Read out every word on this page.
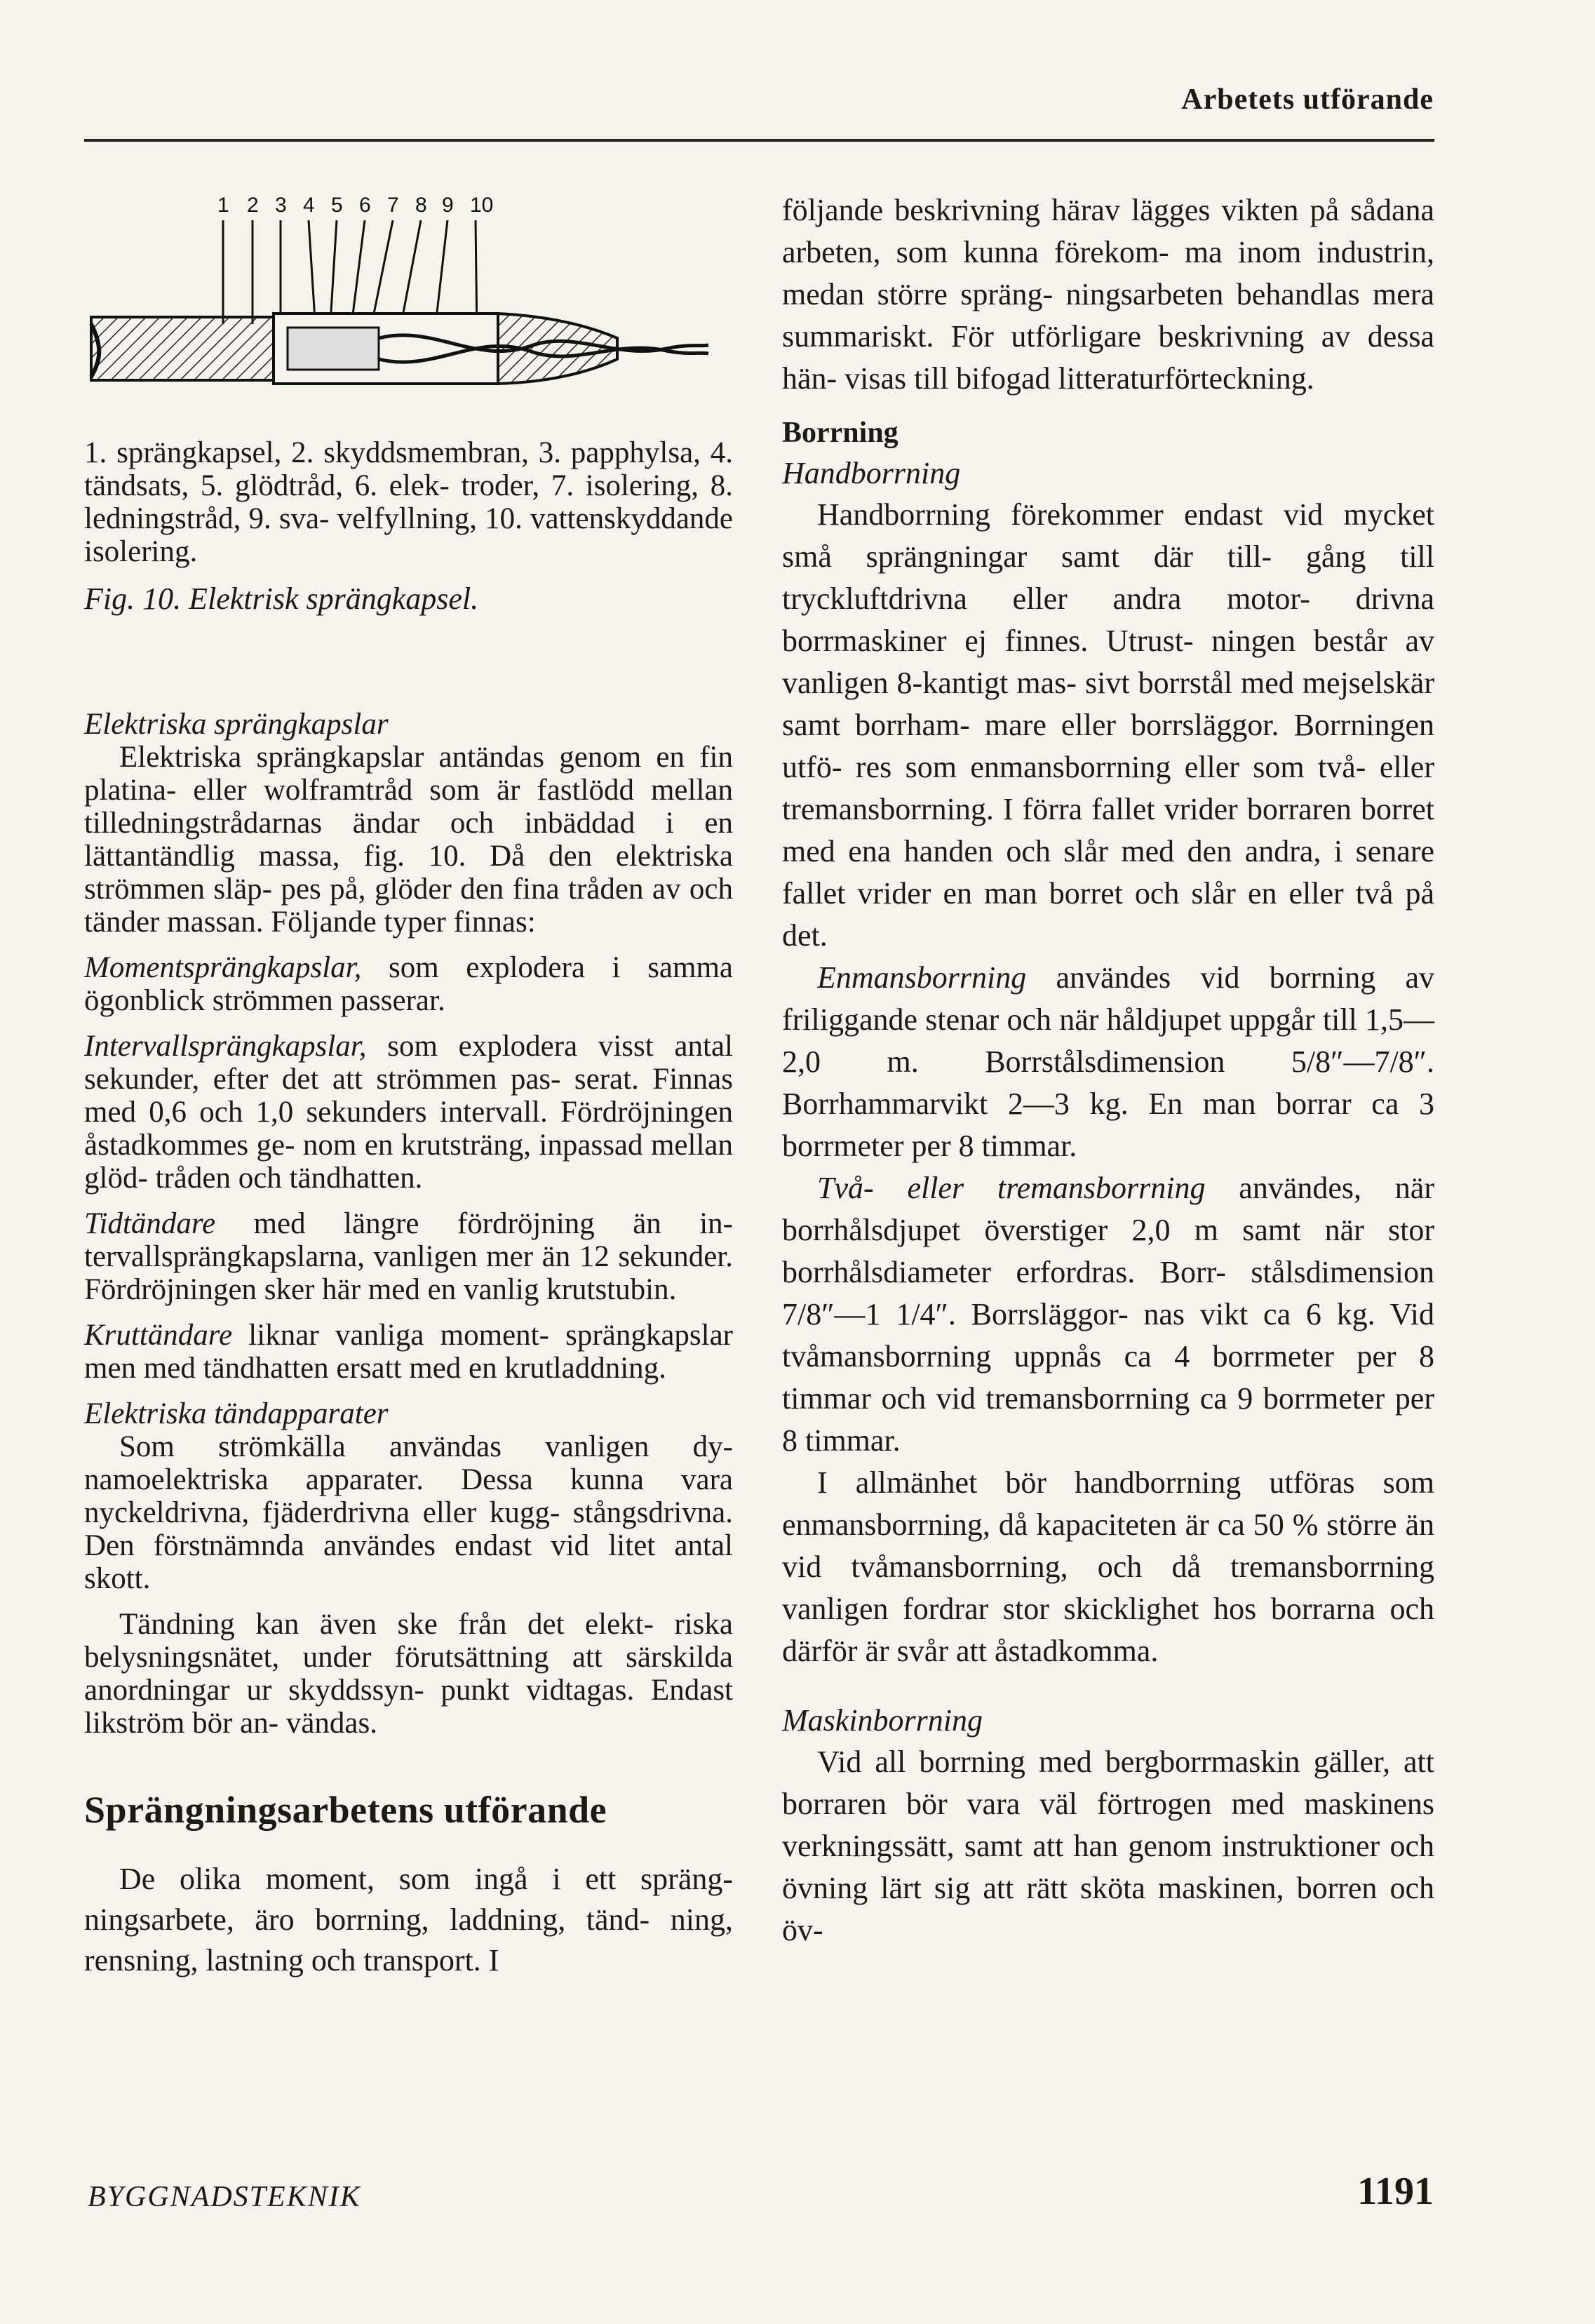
Arbetets utförande
1 2 3 4 5 6 7 8 9 10

1. sprängkapsel, 2. skyddsmembran, 3. papphylsa, 4. tändsats, 5. glödtråd, 6. elek- troder, 7. isolering, 8. ledningstråd, 9. sva- velfyllning, 10. vattenskyddande isolering.

Fig. 10. Elektrisk sprängkapsel.

Elektriska sprängkapslar

Elektriska sprängkapslar antändas genom en fin platina- eller wolframtråd som är fastlödd mellan tilledningstrådarnas ändar och inbäddad i en lättantändlig massa, fig. 10. Då den elektriska strömmen släp- pes på, glöder den fina tråden av och tänder massan. Följande typer finnas:

Momentsprängkapslar, som explodera i samma ögonblick strömmen passerar.

Intervallsprängkapslar, som explodera visst antal sekunder, efter det att strömmen pas- serat. Finnas med 0,6 och 1,0 sekunders intervall. Fördröjningen åstadkommes ge- nom en krutsträng, inpassad mellan glöd- tråden och tändhatten.

Tidtändare med längre fördröjning än in- tervallsprängkapslarna, vanligen mer än 12 sekunder. Fördröjningen sker här med en vanlig krutstubin.

Kruttändare liknar vanliga moment- sprängkapslar men med tändhatten ersatt med en krutladdning.

Elektriska tändapparater

Som strömkälla användas vanligen dy- namoelektriska apparater. Dessa kunna vara nyckeldrivna, fjäderdrivna eller kugg- stångsdrivna. Den förstnämnda användes endast vid litet antal skott.

Tändning kan även ske från det elekt- riska belysningsnätet, under förutsättning att särskilda anordningar ur skyddssyn- punkt vidtagas. Endast likström bör an- vändas.

Sprängningsarbetens utförande

De olika moment, som ingå i ett spräng- ningsarbete, äro borrning, laddning, tänd- ning, rensning, lastning och transport. I

följande beskrivning härav lägges vikten på sådana arbeten, som kunna förekom- ma inom industrin, medan större spräng- ningsarbeten behandlas mera summariskt. För utförligare beskrivning av dessa hän- visas till bifogad litteraturförteckning.

Borrning

Handborrning

Handborrning förekommer endast vid mycket små sprängningar samt där till- gång till tryckluftdrivna eller andra motor- drivna borrmaskiner ej finnes. Utrust- ningen består av vanligen 8-kantigt mas- sivt borrstål med mejselskär samt borrham- mare eller borrsläggor. Borrningen utfö- res som enmansborrning eller som två- eller tremansborrning. I förra fallet vrider borraren borret med ena handen och slår med den andra, i senare fallet vrider en man borret och slår en eller två på det.

Enmansborrning användes vid borrning av friliggande stenar och när håldjupet uppgår till 1,5—2,0 m. Borrstålsdimension 5/8″—7/8″. Borrhammarvikt 2—3 kg. En man borrar ca 3 borrmeter per 8 timmar.

Två- eller tremansborrning användes, när borrhålsdjupet överstiger 2,0 m samt när stor borrhålsdiameter erfordras. Borr- stålsdimension 7/8″—1 1/4″. Borrsläggor- nas vikt ca 6 kg. Vid tvåmansborrning uppnås ca 4 borrmeter per 8 timmar och vid tremansborrning ca 9 borrmeter per 8 timmar.

I allmänhet bör handborrning utföras som enmansborrning, då kapaciteten är ca 50 % större än vid tvåmansborrning, och då tremansborrning vanligen fordrar stor skicklighet hos borrarna och därför är svår att åstadkomma.

Maskinborrning

Vid all borrning med bergborrmaskin gäller, att borraren bör vara väl förtrogen med maskinens verkningssätt, samt att han genom instruktioner och övning lärt sig att rätt sköta maskinen, borren och öv-

BYGGNADSTEKNIK	1191
